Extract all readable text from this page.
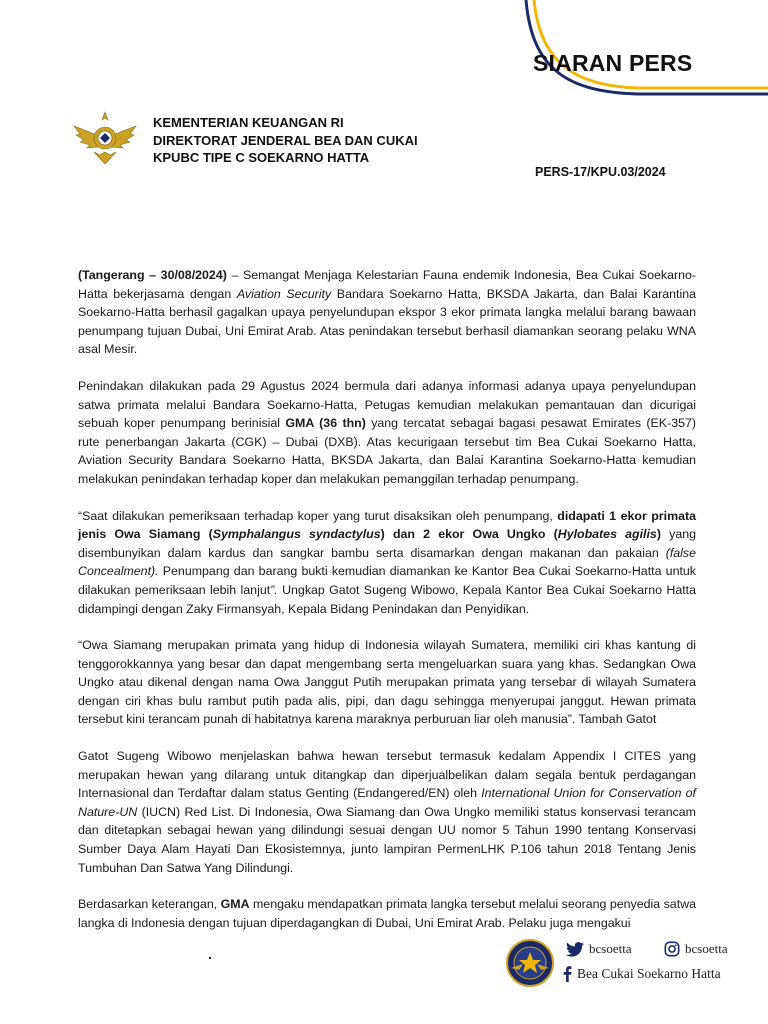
SIARAN PERS
KEMENTERIAN KEUANGAN RI
DIREKTORAT JENDERAL BEA DAN CUKAI
KPUBC TIPE C SOEKARNO HATTA
PERS-17/KPU.03/2024

(Tangerang – 30/08/2024) – Semangat Menjaga Kelestarian Fauna endemik Indonesia, Bea Cukai Soekarno-Hatta bekerjasama dengan Aviation Security Bandara Soekarno Hatta, BKSDA Jakarta, dan Balai Karantina Soekarno-Hatta berhasil gagalkan upaya penyelundupan ekspor 3 ekor primata langka melalui barang bawaan penumpang tujuan Dubai, Uni Emirat Arab. Atas penindakan tersebut berhasil diamankan seorang pelaku WNA asal Mesir.

Penindakan dilakukan pada 29 Agustus 2024 bermula dari adanya informasi adanya upaya penyelundupan satwa primata melalui Bandara Soekarno-Hatta, Petugas kemudian melakukan pemantauan dan dicurigai sebuah koper penumpang berinisial GMA (36 thn) yang tercatat sebagai bagasi pesawat Emirates (EK-357) rute penerbangan Jakarta (CGK) – Dubai (DXB). Atas kecurigaan tersebut tim Bea Cukai Soekarno Hatta, Aviation Security Bandara Soekarno Hatta, BKSDA Jakarta, dan Balai Karantina Soekarno-Hatta kemudian melakukan penindakan terhadap koper dan melakukan pemanggilan terhadap penumpang.

“Saat dilakukan pemeriksaan terhadap koper yang turut disaksikan oleh penumpang, didapati 1 ekor primata jenis Owa Siamang (Symphalangus syndactylus) dan 2 ekor Owa Ungko (Hylobates agilis) yang disembunyikan dalam kardus dan sangkar bambu serta disamarkan dengan makanan dan pakaian (false Concealment). Penumpang dan barang bukti kemudian diamankan ke Kantor Bea Cukai Soekarno-Hatta untuk dilakukan pemeriksaan lebih lanjut”. Ungkap Gatot Sugeng Wibowo, Kepala Kantor Bea Cukai Soekarno Hatta didampingi dengan Zaky Firmansyah, Kepala Bidang Penindakan dan Penyidikan.

“Owa Siamang merupakan primata yang hidup di Indonesia wilayah Sumatera, memiliki ciri khas kantung di tenggorokkannya yang besar dan dapat mengembang serta mengeluarkan suara yang khas. Sedangkan Owa Ungko atau dikenal dengan nama Owa Janggut Putih merupakan primata yang tersebar di wilayah Sumatera dengan ciri khas bulu rambut putih pada alis, pipi, dan dagu sehingga menyerupai janggut. Hewan primata tersebut kini terancam punah di habitatnya karena maraknya perburuan liar oleh manusia”. Tambah Gatot

Gatot Sugeng Wibowo menjelaskan bahwa hewan tersebut termasuk kedalam Appendix I CITES yang merupakan hewan yang dilarang untuk ditangkap dan diperjualbelikan dalam segala bentuk perdagangan Internasional dan Terdaftar dalam status Genting (Endangered/EN) oleh International Union for Conservation of Nature-UN (IUCN) Red List. Di Indonesia, Owa Siamang dan Owa Ungko memiliki status konservasi terancam dan ditetapkan sebagai hewan yang dilindungi sesuai dengan UU nomor 5 Tahun 1990 tentang Konservasi Sumber Daya Alam Hayati Dan Ekosistemnya, junto lampiran PermenLHK P.106 tahun 2018 Tentang Jenis Tumbuhan Dan Satwa Yang Dilindungi.

Berdasarkan keterangan, GMA mengaku mendapatkan primata langka tersebut melalui seorang penyedia satwa langka di Indonesia dengan tujuan diperdagangkan di Dubai, Uni Emirat Arab. Pelaku juga mengakui

.	bcsoetta	bcsoetta
Bea Cukai Soekarno Hatta
